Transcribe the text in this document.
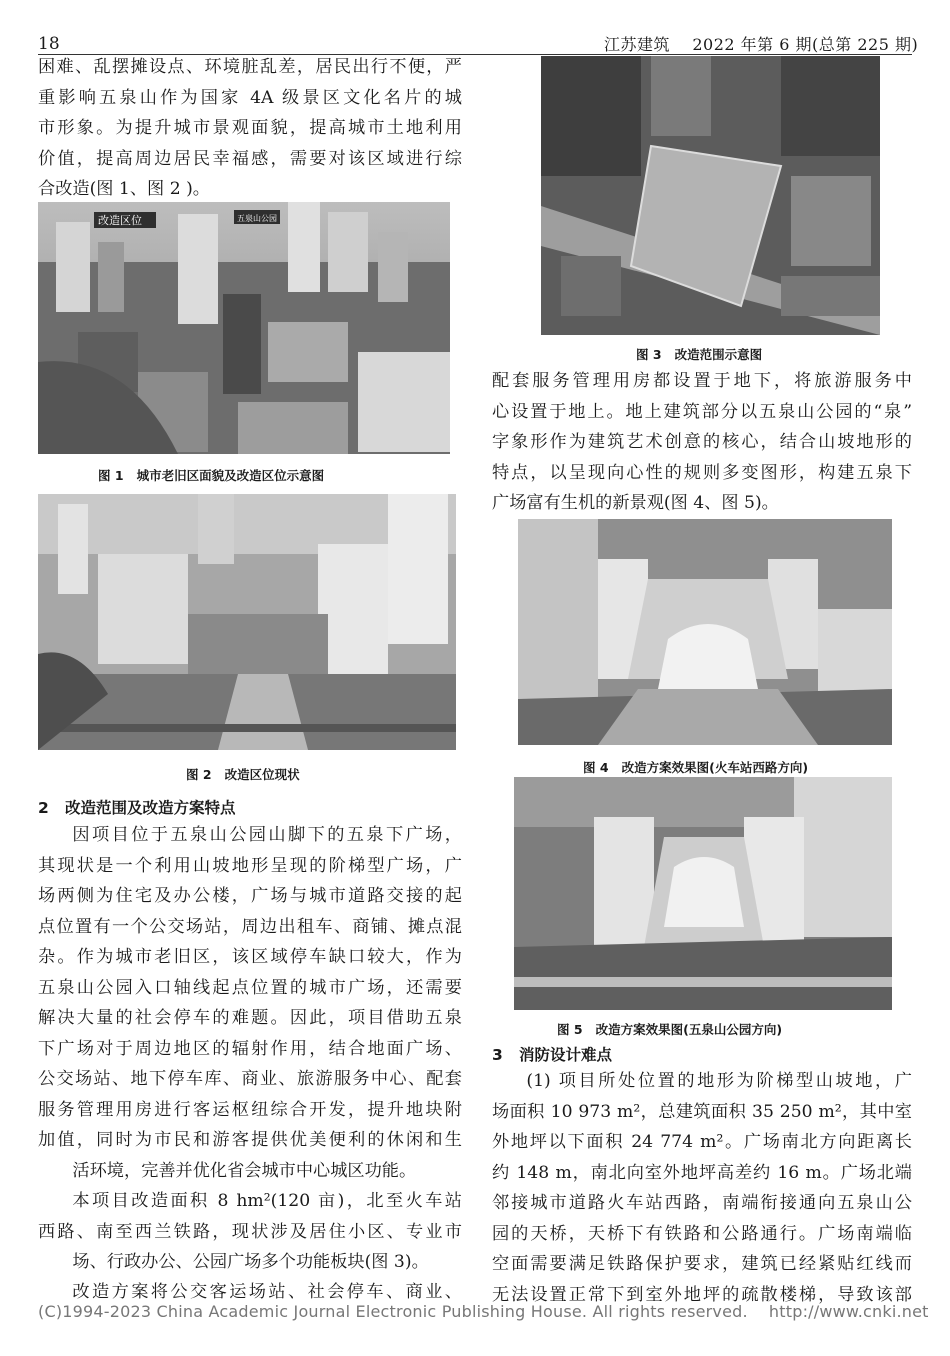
18	江苏建筑    2022 年第 6 期(总第 225 期)
困难、乱摆摊设点、环境脏乱差，居民出行不便，严
重影响五泉山作为国家 4A 级景区文化名片的城
市形象。为提升城市景观面貌，提高城市土地利用
价值，提高周边居民幸福感，需要对该区域进行综

合改造(图 1、图 2 )。
改造区位	五泉山公园
图 1   城市老旧区面貌及改造区位示意图
图 2   改造区位现状
2   改造范围及改造方案特点
因项目位于五泉山公园山脚下的五泉下广场，
其现状是一个利用山坡地形呈现的阶梯型广场，广
场两侧为住宅及办公楼，广场与城市道路交接的起
点位置有一个公交场站，周边出租车、商铺、摊点混
杂。作为城市老旧区，该区域停车缺口较大，作为
五泉山公园入口轴线起点位置的城市广场，还需要
解决大量的社会停车的难题。因此，项目借助五泉
下广场对于周边地区的辐射作用，结合地面广场、
公交场站、地下停车库、商业、旅游服务中心、配套
服务管理用房进行客运枢纽综合开发，提升地块附
加值，同时为市民和游客提供优美便利的休闲和生

活环境，完善并优化省会城市中心城区功能。
本项目改造面积 8 hm²(120 亩)，北至火车站
西路、南至西兰铁路，现状涉及居住小区、专业市

场、行政办公、公园广场多个功能板块(图 3)。
改造方案将公交客运场站、社会停车、商业、
图 3   改造范围示意图
配套服务管理用房都设置于地下，将旅游服务中
心设置于地上。地上建筑部分以五泉山公园的“泉”
字象形作为建筑艺术创意的核心，结合山坡地形的
特点，以呈现向心性的规则多变图形，构建五泉下

广场富有生机的新景观(图 4、图 5)。
图 4   改造方案效果图(火车站西路方向)
图 5   改造方案效果图(五泉山公园方向)
3   消防设计难点
(1) 项目所处位置的地形为阶梯型山坡地，广
场面积 10 973 m²，总建筑面积 35 250 m²，其中室
外地坪以下面积 24 774 m²。广场南北方向距离长
约 148 m，南北向室外地坪高差约 16 m。广场北端
邻接城市道路火车站西路，南端衔接通向五泉山公
园的天桥，天桥下有铁路和公路通行。广场南端临
空面需要满足铁路保护要求，建筑已经紧贴红线而
无法设置正常下到室外地坪的疏散楼梯，导致该部
(C)1994-2023 China Academic Journal Electronic Publishing House. All rights reserved.    http://www.cnki.net
